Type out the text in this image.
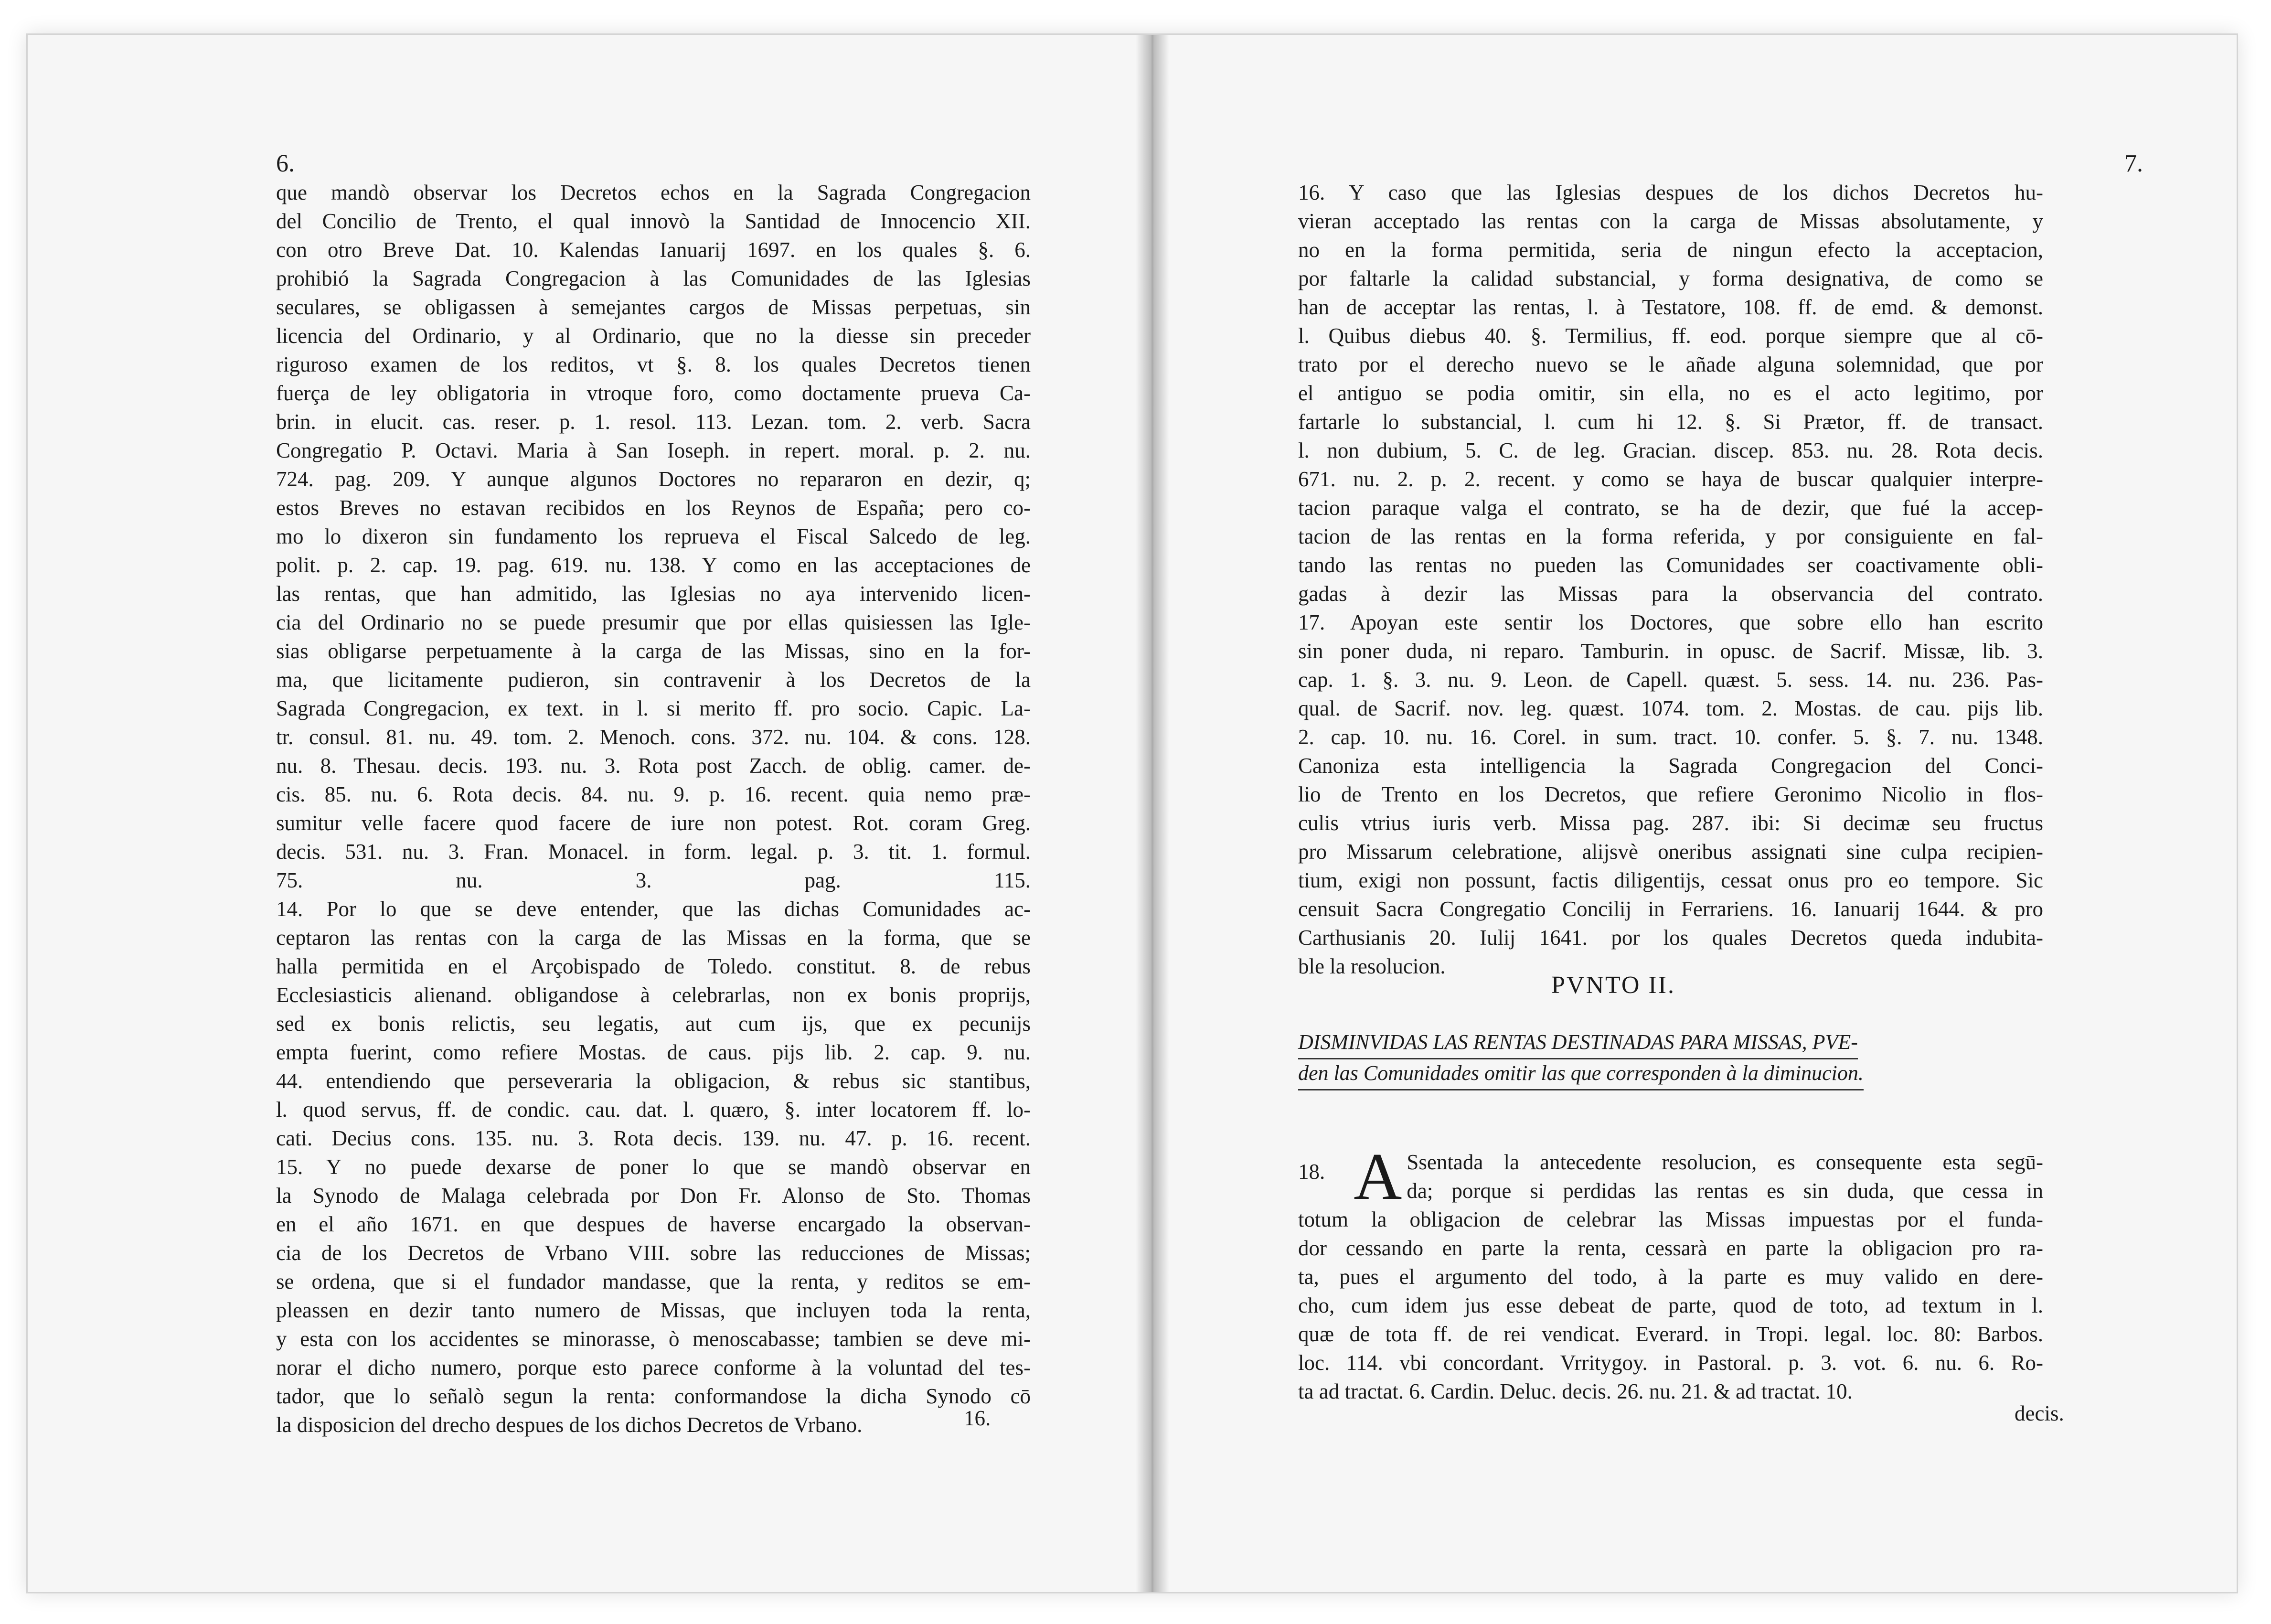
6.
que mandò observar los Decretos echos en la Sagrada Congregacion
del Concilio de Trento, el qual innovò la Santidad de Innocencio XII.
con otro Breve Dat. 10. Kalendas Ianuarij 1697. en los quales §. 6.
prohibió la Sagrada Congregacion à las Comunidades de las Iglesias
seculares, se obligassen à semejantes cargos de Missas perpetuas, sin
licencia del Ordinario, y al Ordinario, que no la diesse sin preceder
riguroso examen de los reditos, vt §. 8. los quales Decretos tienen
fuerça de ley obligatoria in vtroque foro, como doctamente prueva Ca-
brin. in elucit. cas. reser. p. 1. resol. 113. Lezan. tom. 2. verb. Sacra
Congregatio P. Octavi. Maria à San Ioseph. in repert. moral. p. 2. nu.
724. pag. 209. Y aunque algunos Doctores no repararon en dezir, q;
estos Breves no estavan recibidos en los Reynos de España; pero co-
mo lo dixeron sin fundamento los reprueva el Fiscal Salcedo de leg.
polit. p. 2. cap. 19. pag. 619. nu. 138. Y como en las acceptaciones de
las rentas, que han admitido, las Iglesias no aya intervenido licen-
cia del Ordinario no se puede presumir que por ellas quisiessen las Igle-
sias obligarse perpetuamente à la carga de las Missas, sino en la for-
ma, que licitamente pudieron, sin contravenir à los Decretos de la
Sagrada Congregacion, ex text. in l. si merito ff. pro socio. Capic. La-
tr. consul. 81. nu. 49. tom. 2. Menoch. cons. 372. nu. 104. & cons. 128.
nu. 8. Thesau. decis. 193. nu. 3. Rota post Zacch. de oblig. camer. de-
cis. 85. nu. 6. Rota decis. 84. nu. 9. p. 16. recent. quia nemo præ-
sumitur velle facere quod facere de iure non potest. Rot. coram Greg.
decis. 531. nu. 3. Fran. Monacel. in form. legal. p. 3. tit. 1. formul.
75. nu. 3. pag. 115.
14. Por lo que se deve entender, que las dichas Comunidades ac-
ceptaron las rentas con la carga de las Missas en la forma, que se
halla permitida en el Arçobispado de Toledo. constitut. 8. de rebus
Ecclesiasticis alienand. obligandose à celebrarlas, non ex bonis proprijs,
sed ex bonis relictis, seu legatis, aut cum ijs, que ex pecunijs
empta fuerint, como refiere Mostas. de caus. pijs lib. 2. cap. 9. nu.
44. entendiendo que perseveraria la obligacion, & rebus sic stantibus,
l. quod servus, ff. de condic. cau. dat. l. quæro, §. inter locatorem ff. lo-
cati. Decius cons. 135. nu. 3. Rota decis. 139. nu. 47. p. 16. recent.
15. Y no puede dexarse de poner lo que se mandò observar en
la Synodo de Malaga celebrada por Don Fr. Alonso de Sto. Thomas
en el año 1671. en que despues de haverse encargado la observan-
cia de los Decretos de Vrbano VIII. sobre las reducciones de Missas;
se ordena, que si el fundador mandasse, que la renta, y reditos se em-
pleassen en dezir tanto numero de Missas, que incluyen toda la renta,
y esta con los accidentes se minorasse, ò menoscabasse; tambien se deve mi-
norar el dicho numero, porque esto parece conforme à la voluntad del tes-
tador, que lo señalò segun la renta: conformandose la dicha Synodo cō
la disposicion del drecho despues de los dichos Decretos de Vrbano.	16.
7.
16. Y caso que las Iglesias despues de los dichos Decretos hu-
vieran acceptado las rentas con la carga de Missas absolutamente, y
no en la forma permitida, seria de ningun efecto la acceptacion,
por faltarle la calidad substancial, y forma designativa, de como se
han de acceptar las rentas, l. à Testatore, 108. ff. de emd. & demonst.
l. Quibus diebus 40. §. Termilius, ff. eod. porque siempre que al cō-
trato por el derecho nuevo se le añade alguna solemnidad, que por
el antiguo se podia omitir, sin ella, no es el acto legitimo, por
fartarle lo substancial, l. cum hi 12. §. Si Prætor, ff. de transact.
l. non dubium, 5. C. de leg. Gracian. discep. 853. nu. 28. Rota decis.
671. nu. 2. p. 2. recent. y como se haya de buscar qualquier interpre-
tacion paraque valga el contrato, se ha de dezir, que fué la accep-
tacion de las rentas en la forma referida, y por consiguiente en fal-
tando las rentas no pueden las Comunidades ser coactivamente obli-
gadas à dezir las Missas para la observancia del contrato.
17. Apoyan este sentir los Doctores, que sobre ello han escrito
sin poner duda, ni reparo. Tamburin. in opusc. de Sacrif. Missæ, lib. 3.
cap. 1. §. 3. nu. 9. Leon. de Capell. quæst. 5. sess. 14. nu. 236. Pas-
qual. de Sacrif. nov. leg. quæst. 1074. tom. 2. Mostas. de cau. pijs lib.
2. cap. 10. nu. 16. Corel. in sum. tract. 10. confer. 5. §. 7. nu. 1348.
Canoniza esta intelligencia la Sagrada Congregacion del Conci-
lio de Trento en los Decretos, que refiere Geronimo Nicolio in flos-
culis vtrius iuris verb. Missa pag. 287. ibi: Si decimæ seu fructus
pro Missarum celebratione, alijsvè oneribus assignati sine culpa recipien-
tium, exigi non possunt, factis diligentijs, cessat onus pro eo tempore. Sic
censuit Sacra Congregatio Concilij in Ferrariens. 16. Ianuarij 1644. & pro
Carthusianis 20. Iulij 1641. por los quales Decretos queda indubita-
ble la resolucion.
PVNTO II.
DISMINVIDAS LAS RENTAS DESTINADAS PARA MISSAS, PVE-
den las Comunidades omitir las que corresponden à la diminucion.
18. A Ssentada la antecedente resolucion, es consequente esta segū-
da; porque si perdidas las rentas es sin duda, que cessa in
totum la obligacion de celebrar las Missas impuestas por el funda-
dor cessando en parte la renta, cessarà en parte la obligacion pro ra-
ta, pues el argumento del todo, à la parte es muy valido en dere-
cho, cum idem jus esse debeat de parte, quod de toto, ad textum in l.
quæ de tota ff. de rei vendicat. Everard. in Tropi. legal. loc. 80: Barbos.
loc. 114. vbi concordant. Vrritygoy. in Pastoral. p. 3. vot. 6. nu. 6. Ro-
ta ad tractat. 6. Cardin. Deluc. decis. 26. nu. 21. & ad tractat. 10.
decis.
